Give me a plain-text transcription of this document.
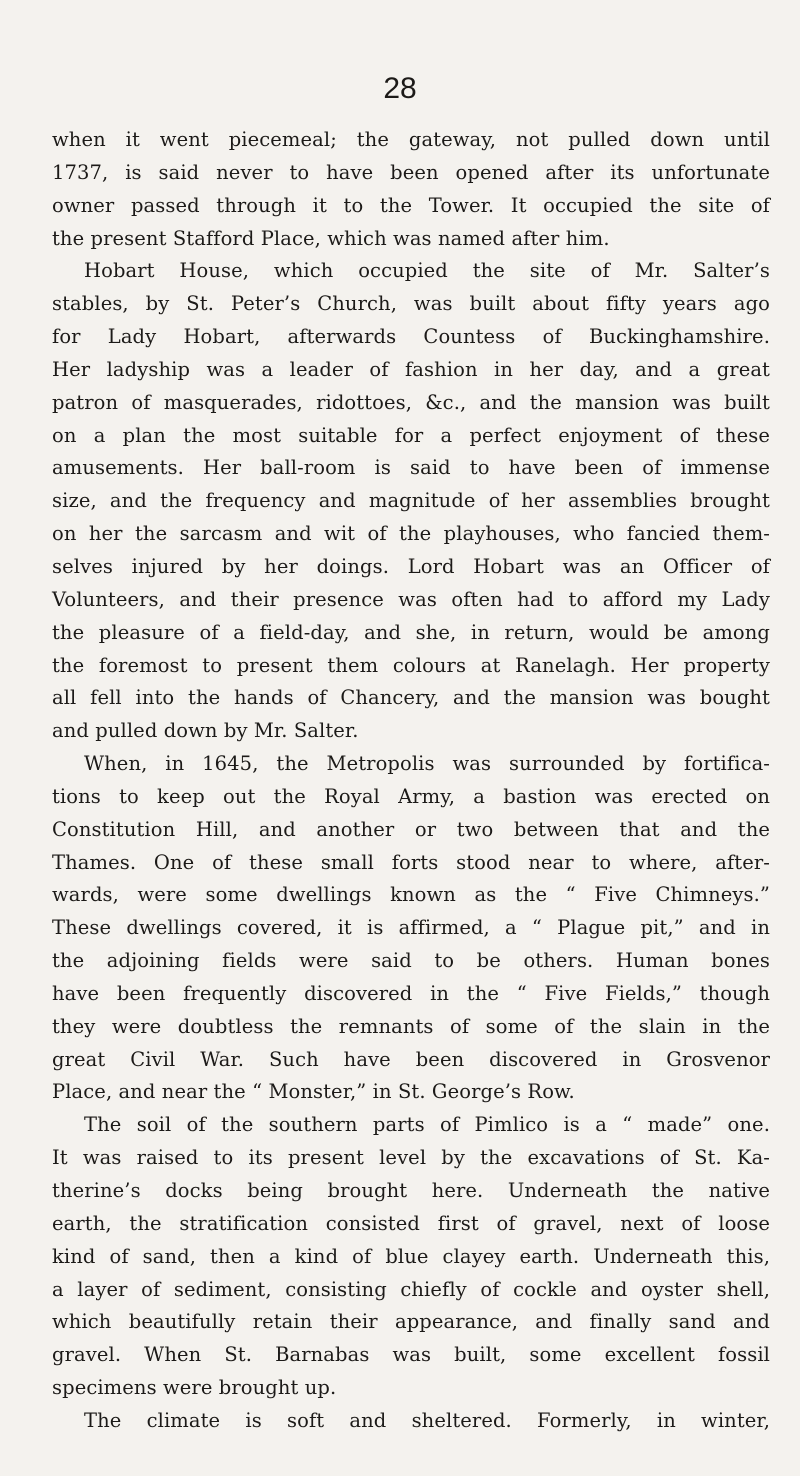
28
when it went piecemeal; the gateway, not pulled down until
1737, is said never to have been opened after its unfortunate
owner passed through it to the Tower. It occupied the site of
the present Stafford Place, which was named after him.
Hobart House, which occupied the site of Mr. Salter’s
stables, by St. Peter’s Church, was built about fifty years ago
for Lady Hobart, afterwards Countess of Buckinghamshire.
Her ladyship was a leader of fashion in her day, and a great
patron of masquerades, ridottoes, &c., and the mansion was built
on a plan the most suitable for a perfect enjoyment of these
amusements. Her ball-room is said to have been of immense
size, and the frequency and magnitude of her assemblies brought
on her the sarcasm and wit of the playhouses, who fancied them-
selves injured by her doings. Lord Hobart was an Officer of
Volunteers, and their presence was often had to afford my Lady
the pleasure of a field-day, and she, in return, would be among
the foremost to present them colours at Ranelagh. Her property
all fell into the hands of Chancery, and the mansion was bought
and pulled down by Mr. Salter.
When, in 1645, the Metropolis was surrounded by fortifica-
tions to keep out the Royal Army, a bastion was erected on
Constitution Hill, and another or two between that and the
Thames. One of these small forts stood near to where, after-
wards, were some dwellings known as the “ Five Chimneys.”
These dwellings covered, it is affirmed, a “ Plague pit,” and in
the adjoining fields were said to be others. Human bones
have been frequently discovered in the “ Five Fields,” though
they were doubtless the remnants of some of the slain in the
great Civil War. Such have been discovered in Grosvenor
Place, and near the “ Monster,” in St. George’s Row.
The soil of the southern parts of Pimlico is a “ made” one.
It was raised to its present level by the excavations of St. Ka-
therine’s docks being brought here. Underneath the native
earth, the stratification consisted first of gravel, next of loose
kind of sand, then a kind of blue clayey earth. Underneath this,
a layer of sediment, consisting chiefly of cockle and oyster shell,
which beautifully retain their appearance, and finally sand and
gravel. When St. Barnabas was built, some excellent fossil
specimens were brought up.
The climate is soft and sheltered. Formerly, in winter,
